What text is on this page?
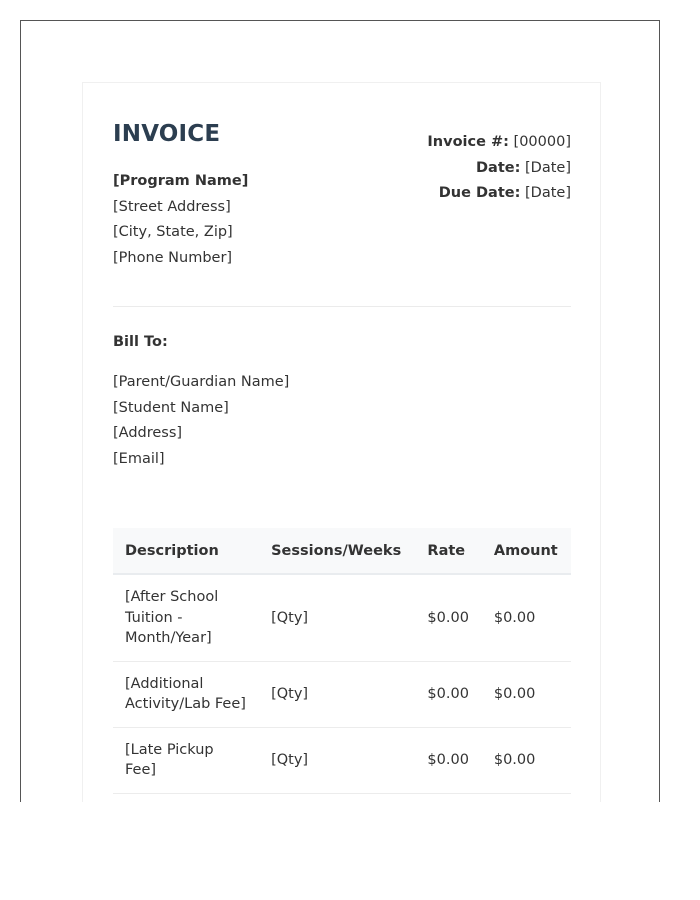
INVOICE
[Program Name]
[Street Address]
[City, State, Zip]
[Phone Number]
Invoice #: [00000]
Date: [Date]
Due Date: [Date]
Bill To:
[Parent/Guardian Name]
[Student Name]
[Address]
[Email]
Description	Sessions/Weeks	Rate	Amount
[After School Tuition - Month/Year]	[Qty]	$0.00	$0.00
[Additional Activity/Lab Fee]	[Qty]	$0.00	$0.00
[Late Pickup Fee]	[Qty]	$0.00	$0.00
